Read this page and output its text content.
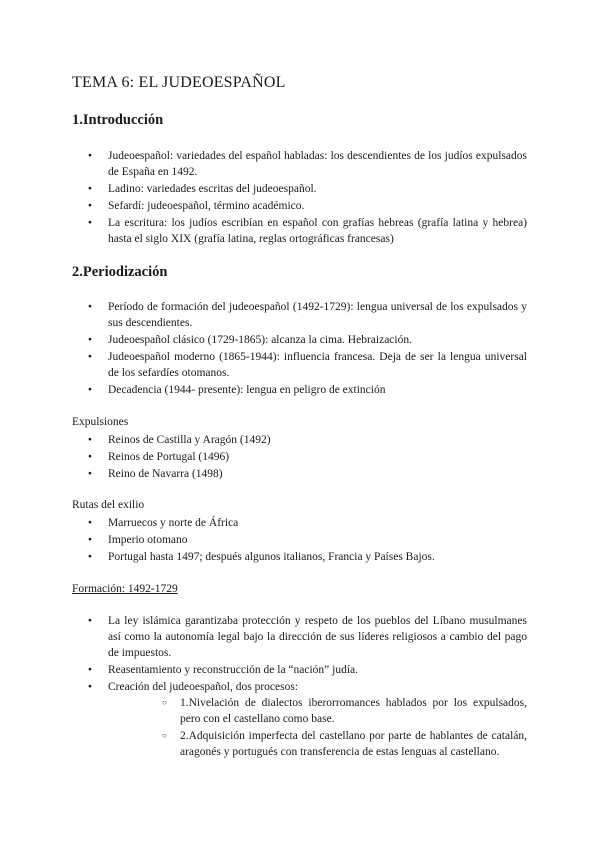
TEMA 6: EL JUDEOESPAÑOL
1.Introducción
● Judeoespañol: variedades del español habladas: los descendientes de los judíos expulsados de España en 1492.
● Ladino: variedades escritas del judeoespañol.
● Sefardí: judeoespañol, término académico.
● La escritura: los judíos escribían en español con grafías hebreas (grafía latina y hebrea) hasta el siglo XIX (grafía latina, reglas ortográficas francesas)
2.Periodización
● Período de formación del judeoespañol (1492-1729): lengua universal de los expulsados y sus descendientes.
● Judeoespañol clásico (1729-1865): alcanza la cima. Hebraización.
● Judeoespañol moderno (1865-1944): influencia francesa. Deja de ser la lengua universal de los sefardíes otomanos.
● Decadencia (1944- presente): lengua en peligro de extinción

Expulsiones

● Reinos de Castilla y Aragón (1492)
● Reinos de Portugal (1496)
● Reino de Navarra (1498)

Rutas del exilio

● Marruecos y norte de África
● Imperio otomano
● Portugal hasta 1497; después algunos italianos, Francia y Países Bajos.

Formación: 1492-1729

● La ley islámica garantizaba protección y respeto de los pueblos del Líbano musulmanes así como la autonomía legal bajo la dirección de sus líderes religiosos a cambio del pago de impuestos.
● Reasentamiento y reconstrucción de la “nación” judía.
● Creación del judeoespañol, dos procesos:
○ 1.Nivelación de dialectos iberorromances hablados por los expulsados, pero con el castellano como base.
○ 2.Adquisición imperfecta del castellano por parte de hablantes de catalán, aragonés y portugués con transferencia de estas lenguas al castellano.
